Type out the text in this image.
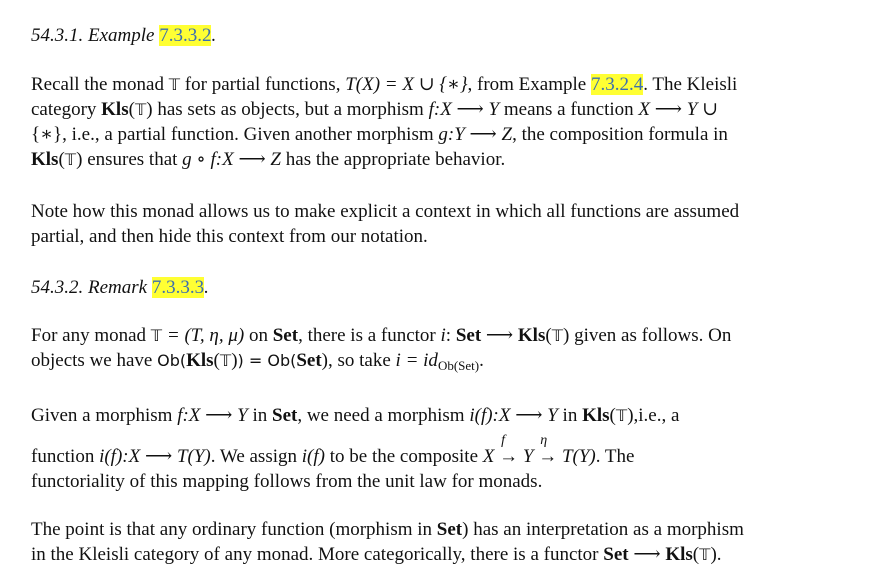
54.3.1. Example 7.3.3.2.
Recall the monad 𝕋 for partial functions, T(X) = X ∪ {∗}, from Example 7.3.2.4. The Kleisli
category Kls(𝕋) has sets as objects, but a morphism f:X ⟶ Y means a function X ⟶ Y ∪
{∗}, i.e., a partial function. Given another morphism g:Y ⟶ Z, the composition formula in
Kls(𝕋) ensures that g ∘ f:X ⟶ Z has the appropriate behavior.
Note how this monad allows us to make explicit a context in which all functions are assumed
partial, and then hide this context from our notation.
54.3.2. Remark 7.3.3.3.
For any monad 𝕋 = (T, η, μ) on Set, there is a functor i: Set ⟶ Kls(𝕋) given as follows. On
objects we have Ob(Kls(𝕋)) = Ob(Set), so take $i = id_{Ob(Set)}$.
Given a morphism f:X ⟶ Y in Set, we need a morphism i(f):X ⟶ Y in Kls(𝕋),i.e., a
function i(f):X ⟶ T(Y). We assign i(f) to be the composite X
f
→ Y
η
→ T(Y). The
functoriality of this mapping follows from the unit law for monads.
The point is that any ordinary function (morphism in Set) has an interpretation as a morphism
in the Kleisli category of any monad. More categorically, there is a functor Set ⟶ Kls(𝕋).
